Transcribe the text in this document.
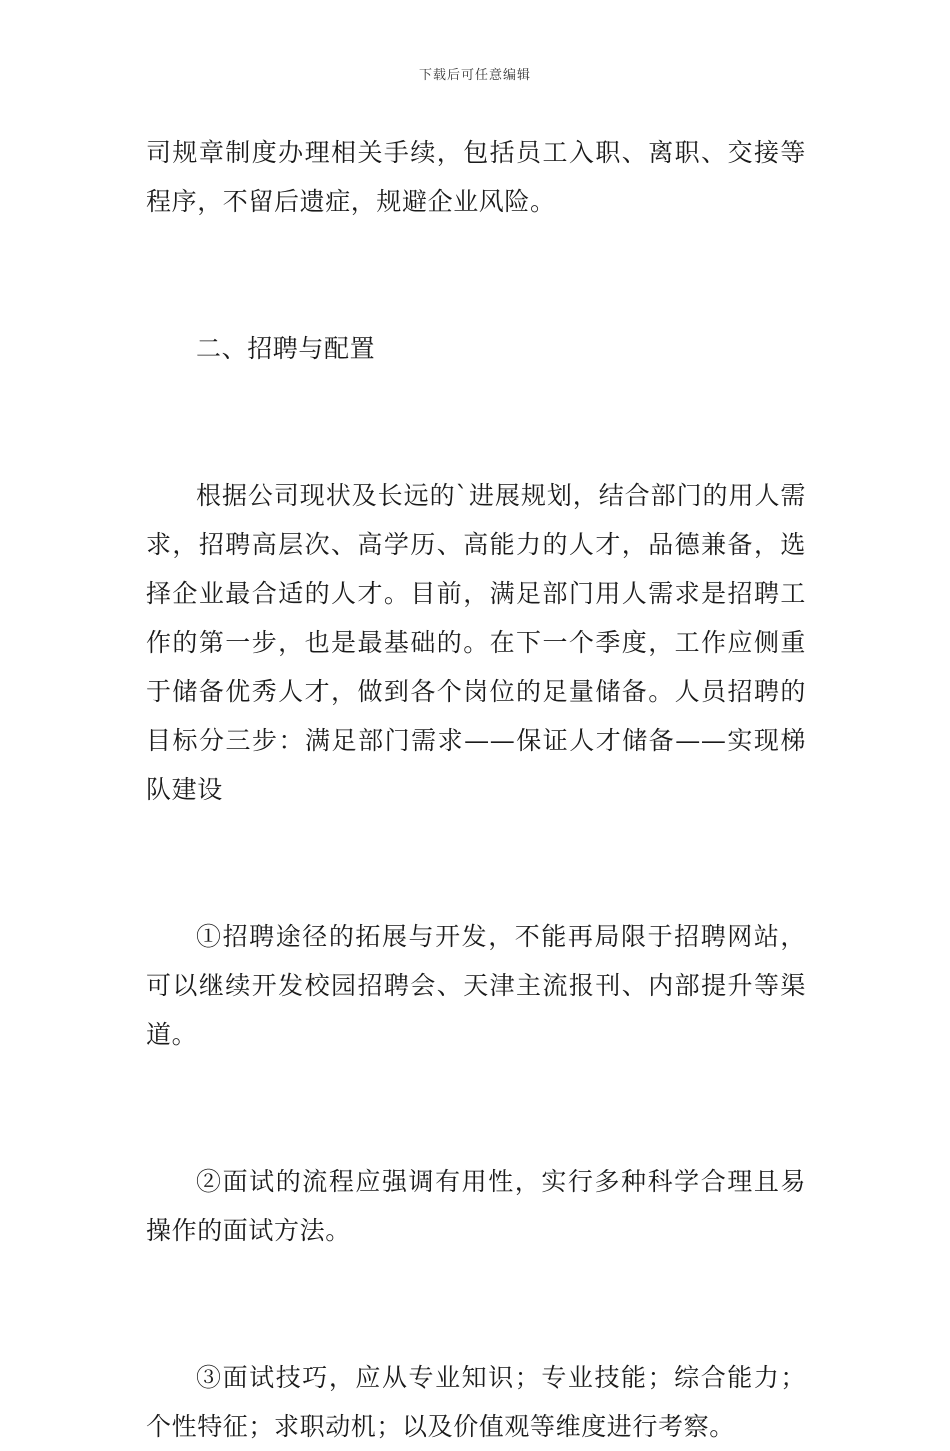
下载后可任意编辑

司规章制度办理相关手续，包括员工入职、离职、交接等程序，不留后遗症，规避企业风险。

二、招聘与配置

根据公司现状及长远的`进展规划，结合部门的用人需求，招聘高层次、高学历、高能力的人才，品德兼备，选择企业最合适的人才。目前，满足部门用人需求是招聘工作的第一步，也是最基础的。在下一个季度，工作应侧重于储备优秀人才，做到各个岗位的足量储备。人员招聘的目标分三步：满足部门需求——保证人才储备——实现梯队建设

①招聘途径的拓展与开发，不能再局限于招聘网站，可以继续开发校园招聘会、天津主流报刊、内部提升等渠道。

②面试的流程应强调有用性，实行多种科学合理且易操作的面试方法。

③面试技巧，应从专业知识；专业技能；综合能力；个性特征；求职动机；以及价值观等维度进行考察。
